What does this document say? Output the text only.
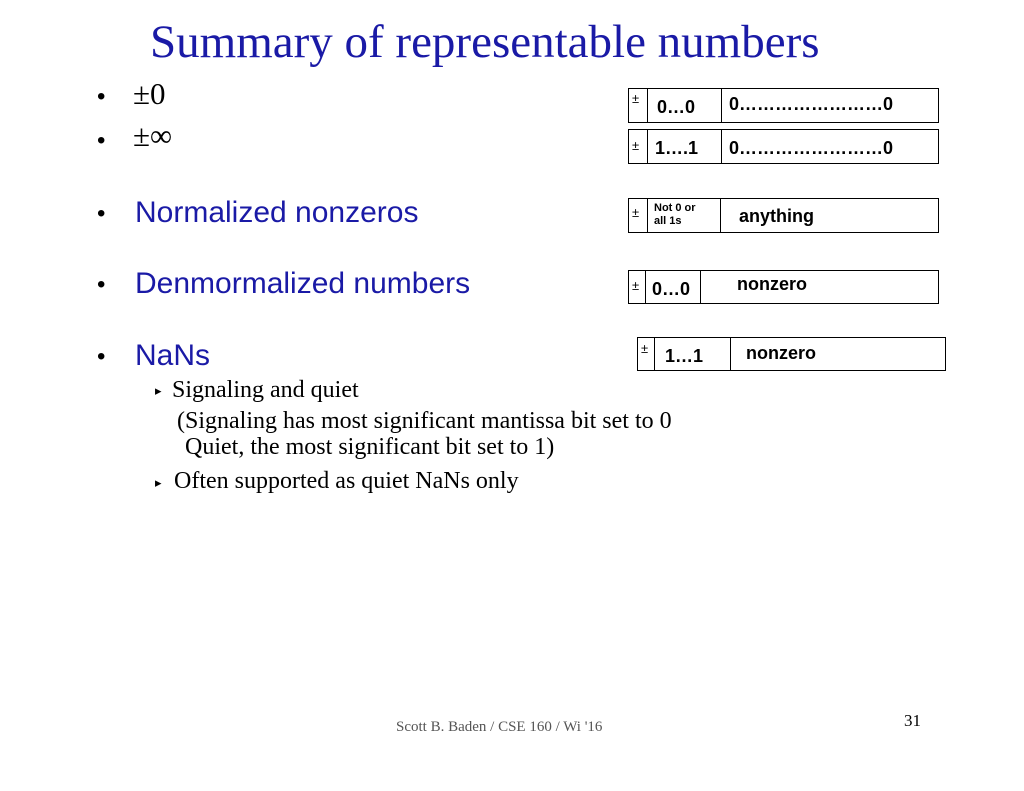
Summary of representable numbers
• ±0
• ±∞
• Normalized nonzeros
• Denmormalized numbers
• NaNs
▸ Signaling and quiet
(Signaling has most significant mantissa bit set to 0
Quiet, the most significant bit set to 1)
▸ Often supported as quiet NaNs only
± 0…0	0……………………0
± 1….1	0……………………0
±	Not 0 or
all 1s	anything
± 0…0	nonzero
± 1…1	nonzero
Scott B. Baden / CSE 160 / Wi '16	31
